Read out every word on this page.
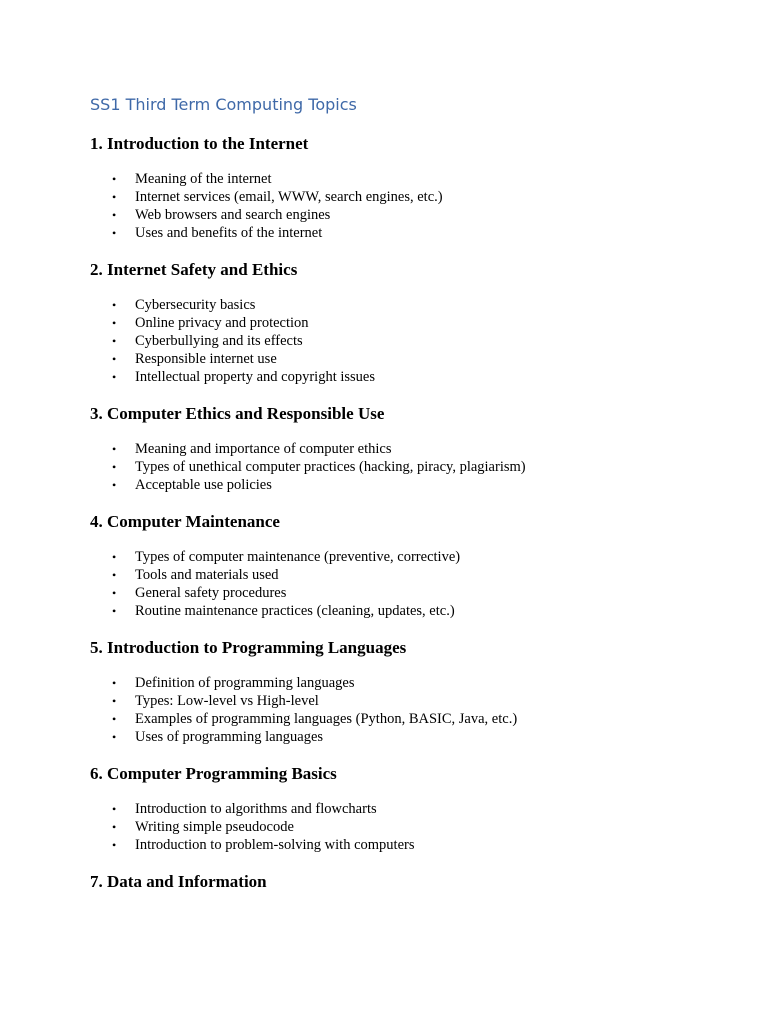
SS1 Third Term Computing Topics
1. Introduction to the Internet
• Meaning of the internet
• Internet services (email, WWW, search engines, etc.)
• Web browsers and search engines
• Uses and benefits of the internet
2. Internet Safety and Ethics
• Cybersecurity basics
• Online privacy and protection
• Cyberbullying and its effects
• Responsible internet use
• Intellectual property and copyright issues
3. Computer Ethics and Responsible Use
• Meaning and importance of computer ethics
• Types of unethical computer practices (hacking, piracy, plagiarism)
• Acceptable use policies
4. Computer Maintenance
• Types of computer maintenance (preventive, corrective)
• Tools and materials used
• General safety procedures
• Routine maintenance practices (cleaning, updates, etc.)
5. Introduction to Programming Languages
• Definition of programming languages
• Types: Low-level vs High-level
• Examples of programming languages (Python, BASIC, Java, etc.)
• Uses of programming languages
6. Computer Programming Basics
• Introduction to algorithms and flowcharts
• Writing simple pseudocode
• Introduction to problem-solving with computers
7. Data and Information
